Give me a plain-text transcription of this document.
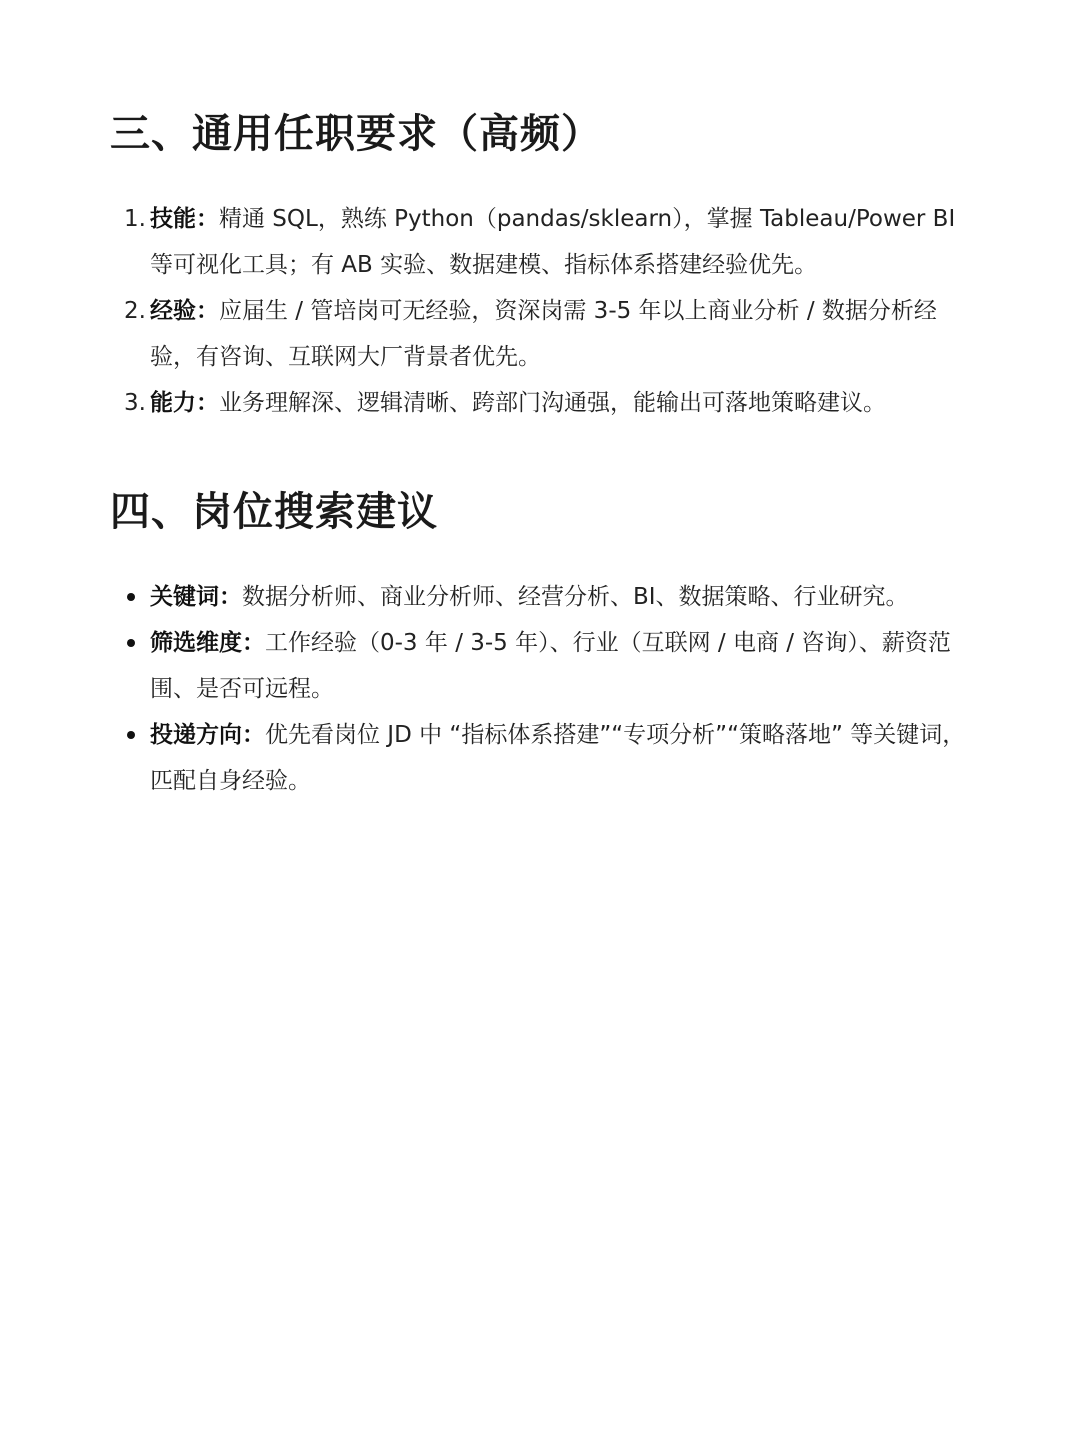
三、通用任职要求（高频）
1. 技能：精通 SQL，熟练 Python（pandas/sklearn），掌握 Tableau/Power BI 等可视化工具；有 AB 实验、数据建模、指标体系搭建经验优先。
2. 经验：应届生 / 管培岗可无经验，资深岗需 3-5 年以上商业分析 / 数据分析经验，有咨询、互联网大厂背景者优先。
3. 能力：业务理解深、逻辑清晰、跨部门沟通强，能输出可落地策略建议。
四、岗位搜索建议
关键词：数据分析师、商业分析师、经营分析、BI、数据策略、行业研究。
筛选维度：工作经验（0-3 年 / 3-5 年）、行业（互联网 / 电商 / 咨询）、薪资范围、是否可远程。
投递方向：优先看岗位 JD 中 “指标体系搭建”“专项分析”“策略落地” 等关键词，匹配自身经验。
